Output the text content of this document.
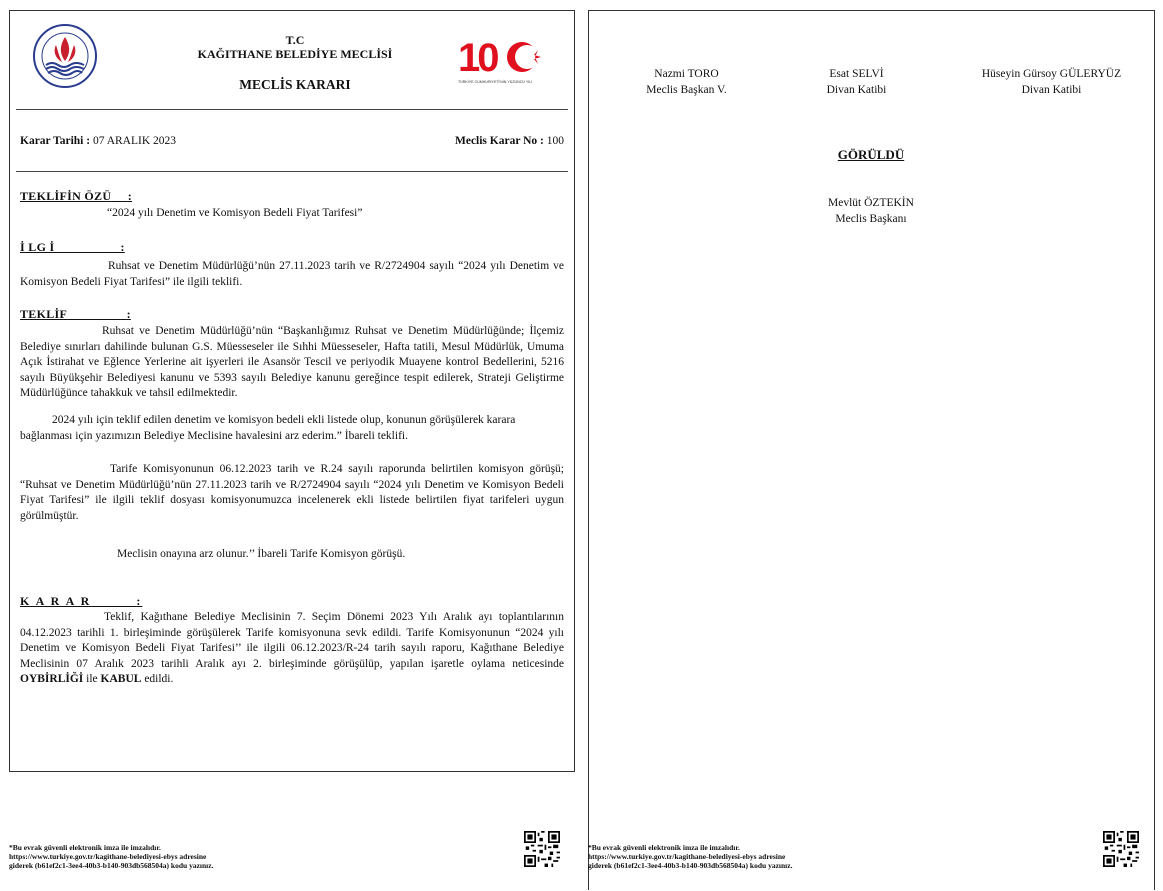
T.C
KAĞITHANE BELEDİYE MECLİSİ
MECLİS KARARI
10
TÜRKİYE CUMHURİYETİ'NİN YÜZÜNCÜ YILI
Karar Tarihi : 07 ARALIK 2023	Meclis Karar No : 100
TEKLİFİN ÖZÜ :
“2024 yılı Denetim ve Komisyon Bedeli Fiyat Tarifesi”
İ LG İ	:
Ruhsat ve Denetim Müdürlüğü’nün 27.11.2023 tarih ve R/2724904 sayılı “2024 yılı Denetim ve Komisyon Bedeli Fiyat Tarifesi” ile ilgili teklifi.
TEKLİF	:
Ruhsat ve Denetim Müdürlüğü’nün “Başkanlığımız Ruhsat ve Denetim Müdürlüğünde; İlçemiz Belediye sınırları dahilinde bulunan G.S. Müesseseler ile Sıhhi Müesseseler, Hafta tatili, Mesul Müdürlük, Umuma Açık İstirahat ve Eğlence Yerlerine ait işyerleri ile Asansör Tescil ve periyodik Muayene kontrol Bedellerini, 5216 sayılı Büyükşehir Belediyesi kanunu ve 5393 sayılı Belediye kanunu gereğince tespit edilerek, Strateji Geliştirme Müdürlüğünce tahakkuk ve tahsil edilmektedir.
2024 yılı için teklif edilen denetim ve komisyon bedeli ekli listede olup, konunun görüşülerek karara bağlanması için yazımızın Belediye Meclisine havalesini arz ederim.” İbareli teklifi.
Tarife Komisyonunun 06.12.2023 tarih ve R.24 sayılı raporunda belirtilen komisyon görüşü; “Ruhsat ve Denetim Müdürlüğü’nün 27.11.2023 tarih ve R/2724904 sayılı “2024 yılı Denetim ve Komisyon Bedeli Fiyat Tarifesi” ile ilgili teklif dosyası komisyonumuzca incelenerek ekli listede belirtilen fiyat tarifeleri uygun görülmüştür.
Meclisin onayına arz olunur.’’ İbareli Tarife Komisyon görüşü.
K A R A R	:
Teklif, Kağıthane Belediye Meclisinin 7. Seçim Dönemi 2023 Yılı Aralık ayı toplantılarının 04.12.2023 tarihli 1. birleşiminde görüşülerek Tarife komisyonuna sevk edildi. Tarife Komisyonunun “2024 yılı Denetim ve Komisyon Bedeli Fiyat Tarifesi’’ ile ilgili 06.12.2023/R-24 tarih sayılı raporu, Kağıthane Belediye Meclisinin 07 Aralık 2023 tarihli Aralık ayı 2. birleşiminde görüşülüp, yapılan işaretle oylama neticesinde OYBİRLİĞİ ile KABUL edildi.
*Bu evrak güvenli elektronik imza ile imzalıdır.
https://www.turkiye.gov.tr/kagithane-belediyesi-ebys adresine
giderek (b61ef2c1-3ee4-40b3-b140-903db568504a) kodu yazınız.
Nazmi TORO
Meclis Başkan V.
Esat SELVİ
Divan Katibi
Hüseyin Gürsoy GÜLERYÜZ
Divan Katibi
GÖRÜLDÜ
Mevlüt ÖZTEKİN
Meclis Başkanı
*Bu evrak güvenli elektronik imza ile imzalıdır.
https://www.turkiye.gov.tr/kagithane-belediyesi-ebys adresine
giderek (b61ef2c1-3ee4-40b3-b140-903db568504a) kodu yazınız.
